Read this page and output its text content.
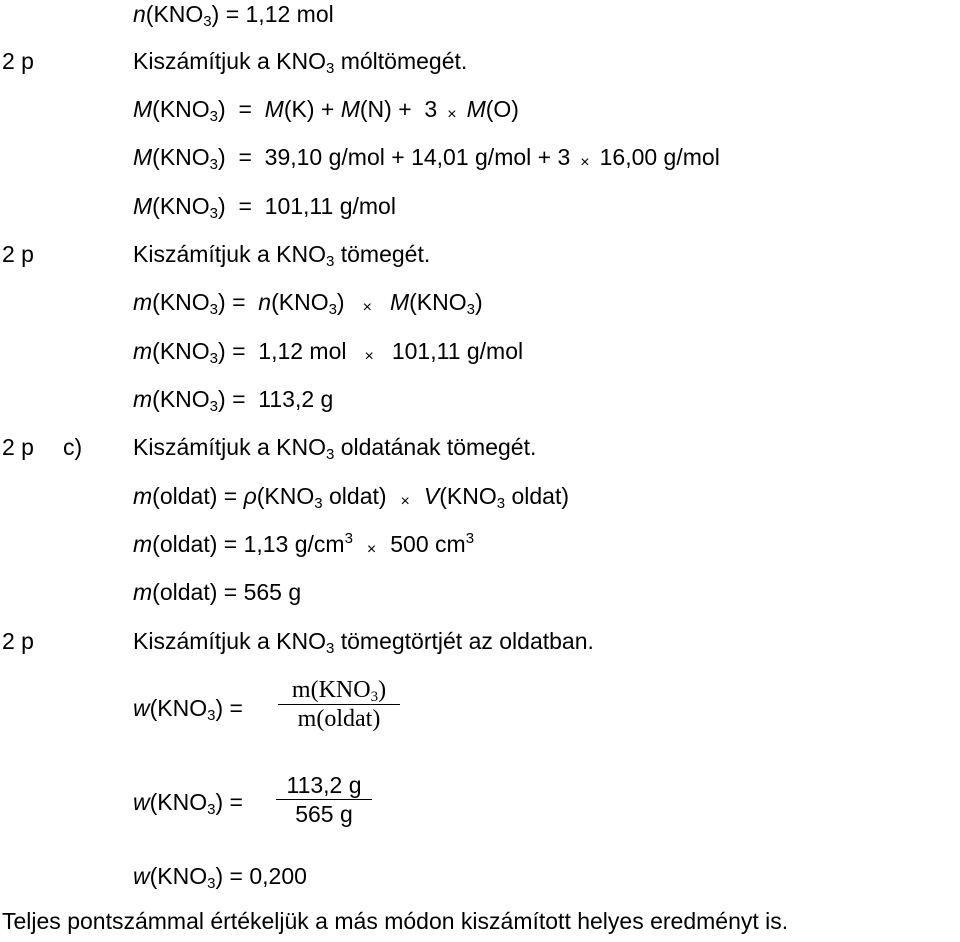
$n(KNO_3) = 1,12$ mol
2 p	Kiszámítjuk a $KNO_3$ móltömegét.
$M(KNO_3) = M(K) + M(N) + 3 \times M(O)$
$M(KNO_3) = 39,10$ g/mol + 14,01 g/mol + 3 × 16,00 g/mol
$M(KNO_3) = 101,11$ g/mol
2 p	Kiszámítjuk a $KNO_3$ tömegét.
$m(KNO_3) = n(KNO_3) \times M(KNO_3)$
$m(KNO_3) = 1,12$ mol × 101,11 g/mol
$m(KNO_3) = 113,2$ g
2 p c) Kiszámítjuk a $KNO_3$ oldatának tömegét.
m(oldat) = $\rho(KNO_3$ oldat) × $V(KNO_3$ oldat)
m(oldat) = 1,13 $g/cm^3\times 500$ $cm^3$
m(oldat) = 565 g
2 p	Kiszámítjuk a $KNO_3$ tömegtörtjét az oldatban.
$w(KNO_3)$ =
$m(KNO_3)$
m(oldat)
$w(KNO_3)$ =
113,2 g
565 g
$w(KNO_3) = 0,200$
Teljes pontszámmal értékeljük a más módon kiszámított helyes eredményt is.
